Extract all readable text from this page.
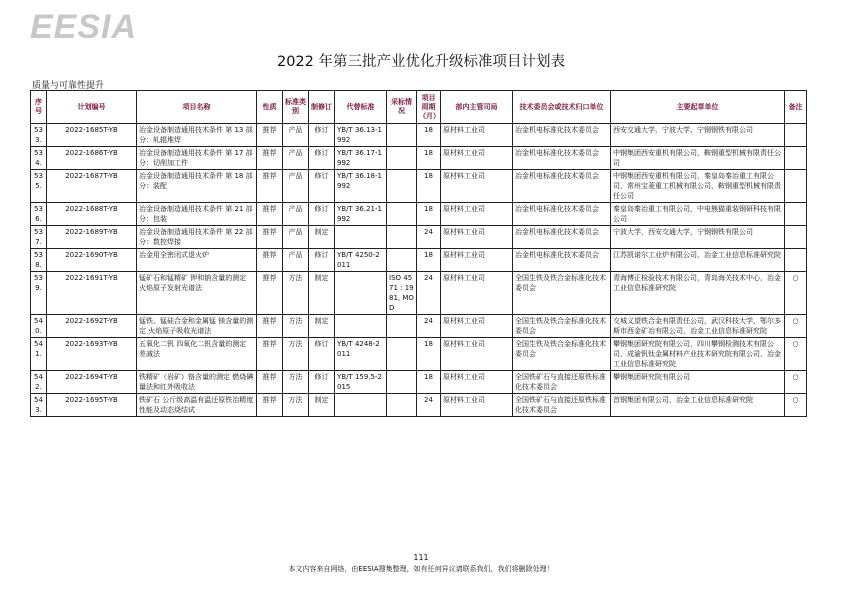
EESIA
2022 年第三批产业优化升级标准项目计划表
质量与可靠性提升
序号	计划编号	项目名称	性质	标准类别	制修订	代替标准	采标情况	项目周期（月）	部内主管司局	技术委员会或技术归口单位	主要起草单位	备注
533.	2022-1685T-YB	冶金设备制造通用技术条件 第 13 部分：轧辊堆焊	推荐	产品	修订	YB/T 36.13-1992		18	原材料工业司	冶金机电标准化技术委员会	西安交通大学，宁波大学，宁钢钢铁有限公司	
534.	2022-1686T-YB	冶金设备制造通用技术条件 第 17 部分：切削加工件	推荐	产品	修订	YB/T 36.17-1992		18	原材料工业司	冶金机电标准化技术委员会	中钢集团西安重机有限公司，鞍钢重型机械有限责任公司	
535.	2022-1687T-YB	冶金设备制造通用技术条件 第 18 部分：装配	推荐	产品	修订	YB/T 36.18-1992		18	原材料工业司	冶金机电标准化技术委员会	中钢集团西安重机有限公司，秦皇岛秦冶重工有限公司，常州宝菱重工机械有限公司，鞍钢重型机械有限责任公司	
536.	2022-1688T-YB	冶金设备制造通用技术条件 第 21 部分：包装	推荐	产品	修订	YB/T 36.21-1992		18	原材料工业司	冶金机电标准化技术委员会	秦皇岛秦冶重工有限公司，中电熊猫重装钢研科技有限公司	
537.	2022-1689T-YB	冶金设备制造通用技术条件 第 22 部分：数控焊接	推荐	产品	制定			24	原材料工业司	冶金机电标准化技术委员会	宁波大学，西安交通大学，宁钢钢铁有限公司	
538.	2022-1690T-YB	冶金用全密闭式退火炉	推荐	产品	修订	YB/T 4250-2011		18	原材料工业司	冶金机电标准化技术委员会	江苏凯诺尔工业炉有限公司，冶金工业信息标准研究院	
539.	2022-1691T-YB	锰矿石和锰精矿 钾和钠含量的测定 火焰原子发射光谱法	推荐	方法	制定		ISO 4571 : 1981, MOD	24	原材料工业司	全国生铁及铁合金标准化技术委员会	青海博正检验技术有限公司，青岛海关技术中心，冶金工业信息标准研究院	○
540.	2022-1692T-YB	锰铁、锰硅合金和金属锰 镁含量的测定 火焰原子吸收光谱法	推荐	方法	制定			24	原材料工业司	全国生铁及铁合金标准化技术委员会	交城义望铁合金有限责任公司，武汉科技大学，鄂尔多斯市西金矿冶有限公司，冶金工业信息标准研究院	○
541.	2022-1693T-YB	五氧化二钒 四氧化二钒含量的测定 差减法	推荐	方法	修订	YB/T 4248-2011		18	原材料工业司	全国生铁及铁合金标准化技术委员会	攀钢集团研究院有限公司，四川攀钢检测技术有限公司，成渝钒钛金属材料产业技术研究院有限公司，冶金工业信息标准研究院	○
542.	2022-1694T-YB	铁精矿（岩矿）铬含量的测定 燃烧碘量法和红外吸收法	推荐	方法	修订	YB/T 159.5-2015		18	原材料工业司	全国铁矿石与直接还原铁标准化技术委员会	攀钢集团研究院有限公司	○
543.	2022-1695T-YB	铁矿石 公斤级高温有温还原铁冶精度性能及动态烧结试	推荐	方法	制定			24	原材料工业司	全国铁矿石与直接还原铁标准化技术委员会	首钢集团有限公司，冶金工业信息标准研究院	○
111
本文内容来自网络，由EESIA搜集整理，如有任何异议请联系我们，我们将删除处理！
